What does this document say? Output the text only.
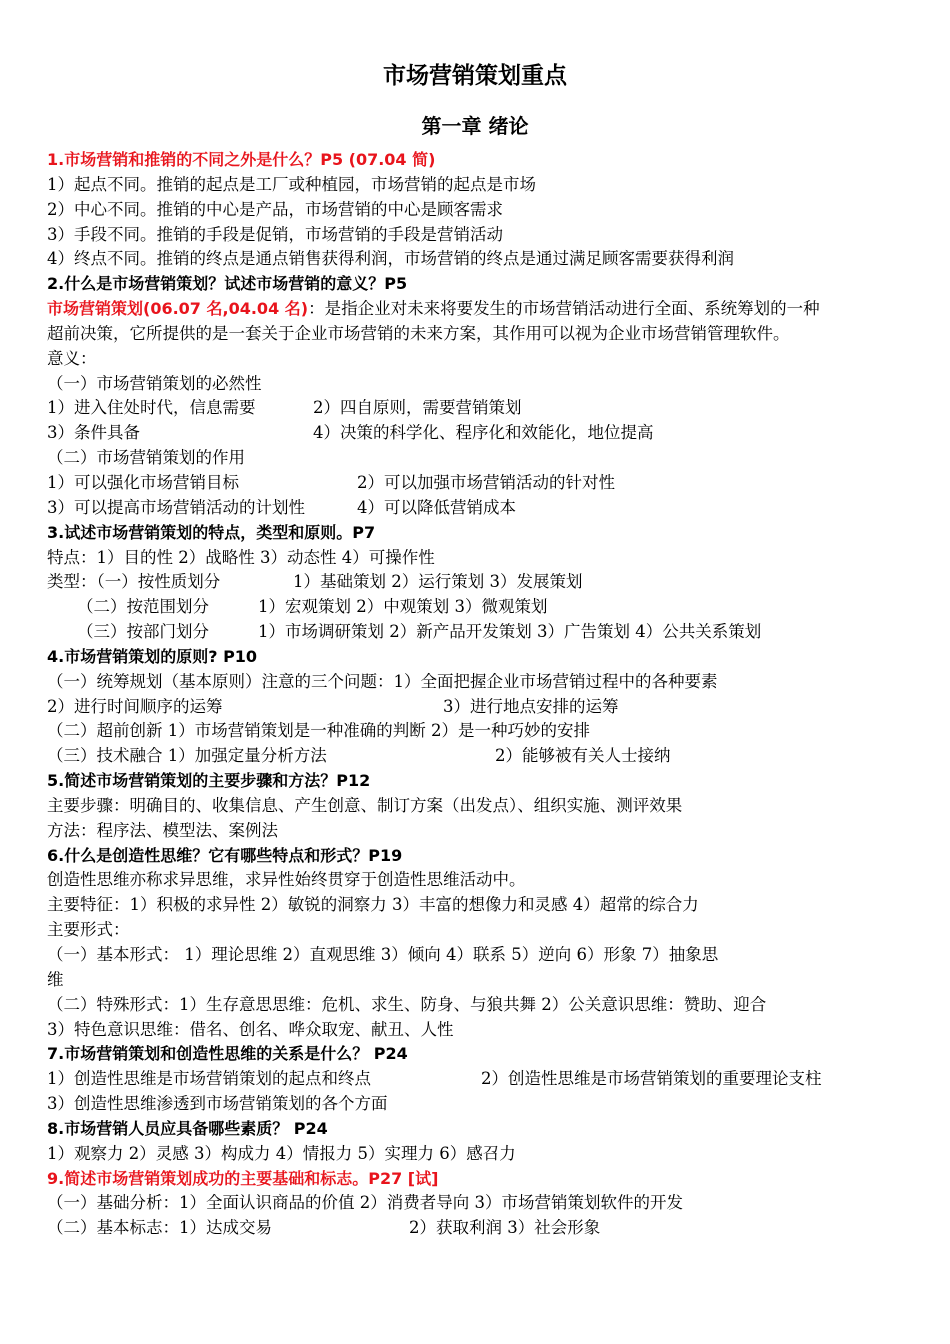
市场营销策划重点
第一章 绪论
1.市场营销和推销的不同之外是什么？P5 (07.04 简)
1）起点不同。推销的起点是工厂或种植园，市场营销的起点是市场
2）中心不同。推销的中心是产品，市场营销的中心是顾客需求
3）手段不同。推销的手段是促销，市场营销的手段是营销活动
4）终点不同。推销的终点是通点销售获得利润，市场营销的终点是通过满足顾客需要获得利润
2.什么是市场营销策划？试述市场营销的意义？P5
市场营销策划(06.07 名,04.04 名)：是指企业对未来将要发生的市场营销活动进行全面、系统筹划的一种
超前决策，它所提供的是一套关于企业市场营销的未来方案，其作用可以视为企业市场营销管理软件。
意义：
（一）市场营销策划的必然性
1）进入住处时代，信息需要	2）四自原则，需要营销策划
3）条件具备	4）决策的科学化、程序化和效能化，地位提高
（二）市场营销策划的作用
1）可以强化市场营销目标	2）可以加强市场营销活动的针对性
3）可以提高市场营销活动的计划性	4）可以降低营销成本
3.试述市场营销策划的特点，类型和原则。P7
特点：1）目的性 2）战略性 3）动态性 4）可操作性
类型：（一）按性质划分	1）基础策划 2）运行策划 3）发展策划
（二）按范围划分	1）宏观策划 2）中观策划 3）微观策划
（三）按部门划分	1）市场调研策划 2）新产品开发策划 3）广告策划 4）公共关系策划
4.市场营销策划的原则? P10
（一）统筹规划（基本原则）注意的三个问题：1）全面把握企业市场营销过程中的各种要素
2）进行时间顺序的运筹	3）进行地点安排的运筹
（二）超前创新 1）市场营销策划是一种准确的判断 2）是一种巧妙的安排
（三）技术融合 1）加强定量分析方法	2）能够被有关人士接纳
5.简述市场营销策划的主要步骤和方法？P12
主要步骤：明确目的、收集信息、产生创意、制订方案（出发点）、组织实施、测评效果
方法：程序法、模型法、案例法
6.什么是创造性思维？它有哪些特点和形式？P19
创造性思维亦称求异思维，求异性始终贯穿于创造性思维活动中。
主要特征：1）积极的求异性 2）敏锐的洞察力 3）丰富的想像力和灵感 4）超常的综合力
主要形式：
（一）基本形式： 1）理论思维 2）直观思维 3）倾向 4）联系 5）逆向 6）形象 7）抽象思
维
（二）特殊形式：1）生存意思思维：危机、求生、防身、与狼共舞 2）公关意识思维：赞助、迎合
3）特色意识思维：借名、创名、哗众取宠、献丑、人性
7.市场营销策划和创造性思维的关系是什么？ P24
1）创造性思维是市场营销策划的起点和终点	2）创造性思维是市场营销策划的重要理论支柱
3）创造性思维渗透到市场营销策划的各个方面
8.市场营销人员应具备哪些素质？ P24
1）观察力 2）灵感 3）构成力 4）情报力 5）实理力 6）感召力
9.简述市场营销策划成功的主要基础和标志。P27 [试]
（一）基础分析：1）全面认识商品的价值 2）消费者导向 3）市场营销策划软件的开发
（二）基本标志：1）达成交易	2）获取利润 3）社会形象
